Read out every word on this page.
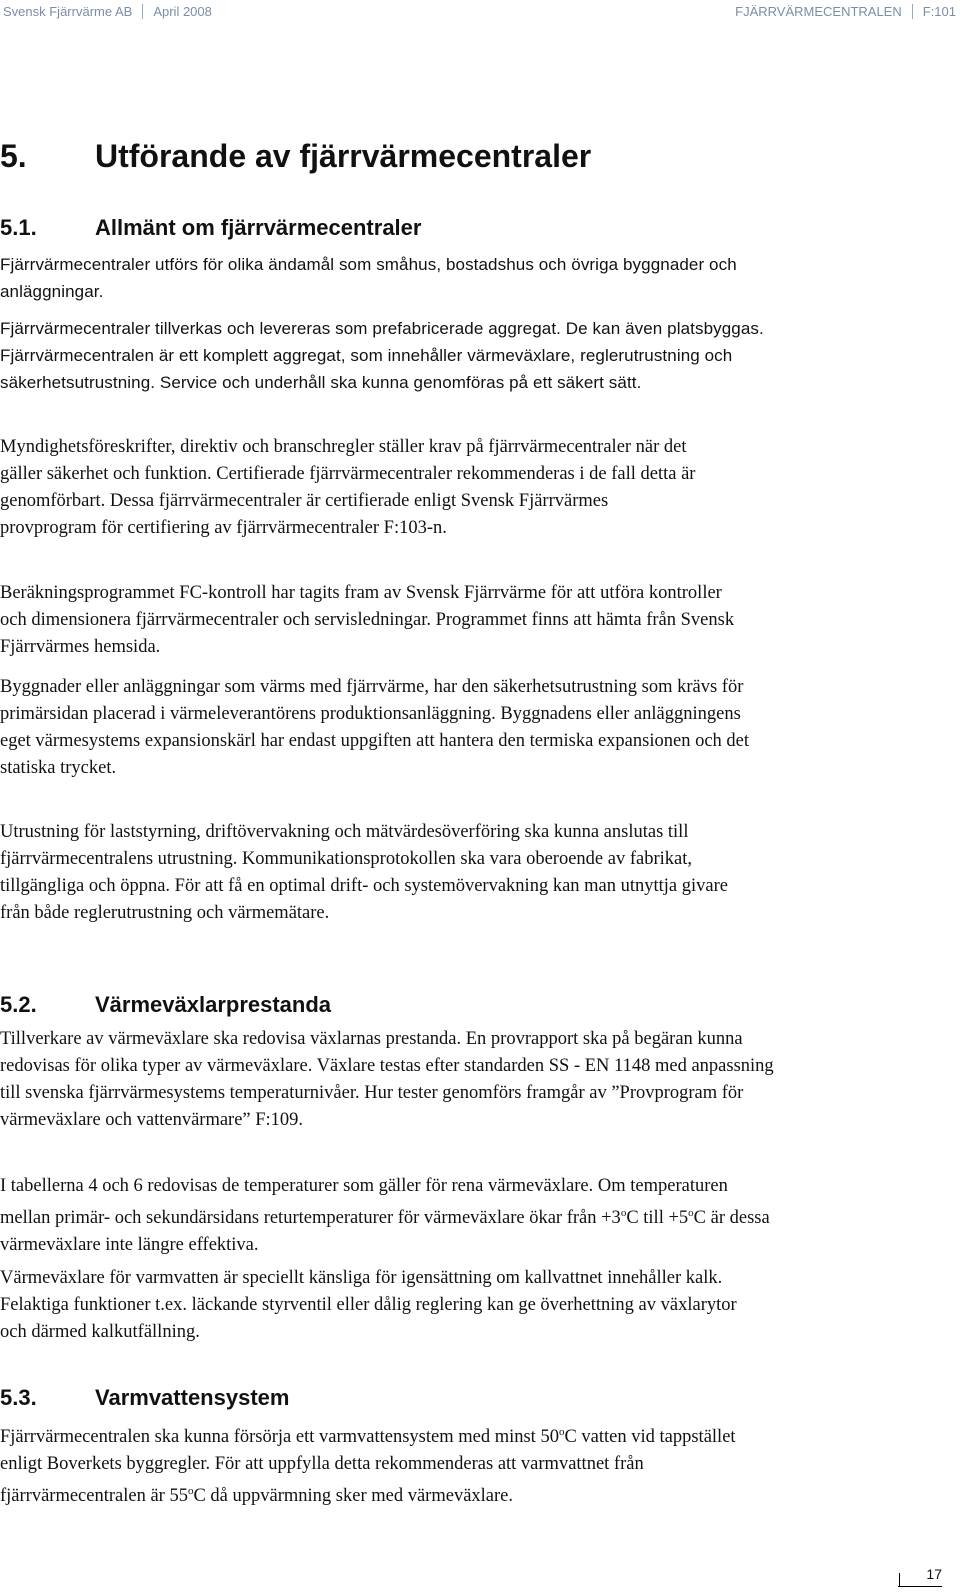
Svensk Fjärrvärme AB April 2008	FJÄRRVÄRMECENTRALEN F:101
5. Utförande av fjärrvärmecentraler
5.1.	Allmänt om fjärrvärmecentraler

Fjärrvärmecentraler utförs för olika ändamål som småhus, bostadshus och övriga byggnader och anläggningar.

Fjärrvärmecentraler tillverkas och levereras som prefabricerade aggregat. De kan även platsbyggas. Fjärrvärmecentralen är ett komplett aggregat, som innehåller värmeväxlare, reglerutrustning och säkerhetsutrustning. Service och underhåll ska kunna genomföras på ett säkert sätt.

Myndighetsföreskrifter, direktiv och branschregler ställer krav på fjärrvärmecentraler när det gäller säkerhet och funktion. Certifierade fjärrvärmecentraler rekommenderas i de fall detta är genomförbart. Dessa fjärrvärmecentraler är certifierade enligt Svensk Fjärrvärmes provprogram för certifiering av fjärrvärmecentraler F:103-n.

Beräkningsprogrammet FC-kontroll har tagits fram av Svensk Fjärrvärme för att utföra kontroller och dimensionera fjärrvärmecentraler och servisledningar. Programmet finns att hämta från Svensk Fjärrvärmes hemsida.

Byggnader eller anläggningar som värms med fjärrvärme, har den säkerhetsutrustning som krävs för primärsidan placerad i värmeleverantörens produktionsanläggning. Byggnadens eller anläggningens eget värmesystems expansionskärl har endast uppgiften att hantera den termiska expansionen och det statiska trycket.

Utrustning för laststyrning, driftövervakning och mätvärdesöverföring ska kunna anslutas till fjärrvärmecentralens utrustning. Kommunikationsprotokollen ska vara oberoende av fabrikat, tillgängliga och öppna. För att få en optimal drift- och systemövervakning kan man utnyttja givare från både reglerutrustning och värmemätare.

5.2.	Värmeväxlarprestanda

Tillverkare av värmeväxlare ska redovisa växlarnas prestanda. En provrapport ska på begäran kunna redovisas för olika typer av värmeväxlare. Växlare testas efter standarden SS - EN 1148 med anpassning till svenska fjärrvärmesystems temperaturnivåer. Hur tester genomförs framgår av ”Provprogram för värmeväxlare och vattenvärmare” F:109.

I tabellerna 4 och 6 redovisas de temperaturer som gäller för rena värmeväxlare. Om temperaturen mellan primär- och sekundärsidans returtemperaturer för värmeväxlare ökar från $+3^oC$ till $+5^oC$ är dessa värmeväxlare inte längre effektiva.

Värmeväxlare för varmvatten är speciellt känsliga för igensättning om kallvattnet innehåller kalk. Felaktiga funktioner t.ex. läckande styrventil eller dålig reglering kan ge överhettning av växlarytor och därmed kalkutfällning.

5.3.	Varmvattensystem

Fjärrvärmecentralen ska kunna försörja ett varmvattensystem med minst 50$^o$C vatten vid tappstället enligt Boverkets byggregler. För att uppfylla detta rekommenderas att varmvattnet från fjärrvärmecentralen är 55$^o$C då uppvärmning sker med värmeväxlare.

17
